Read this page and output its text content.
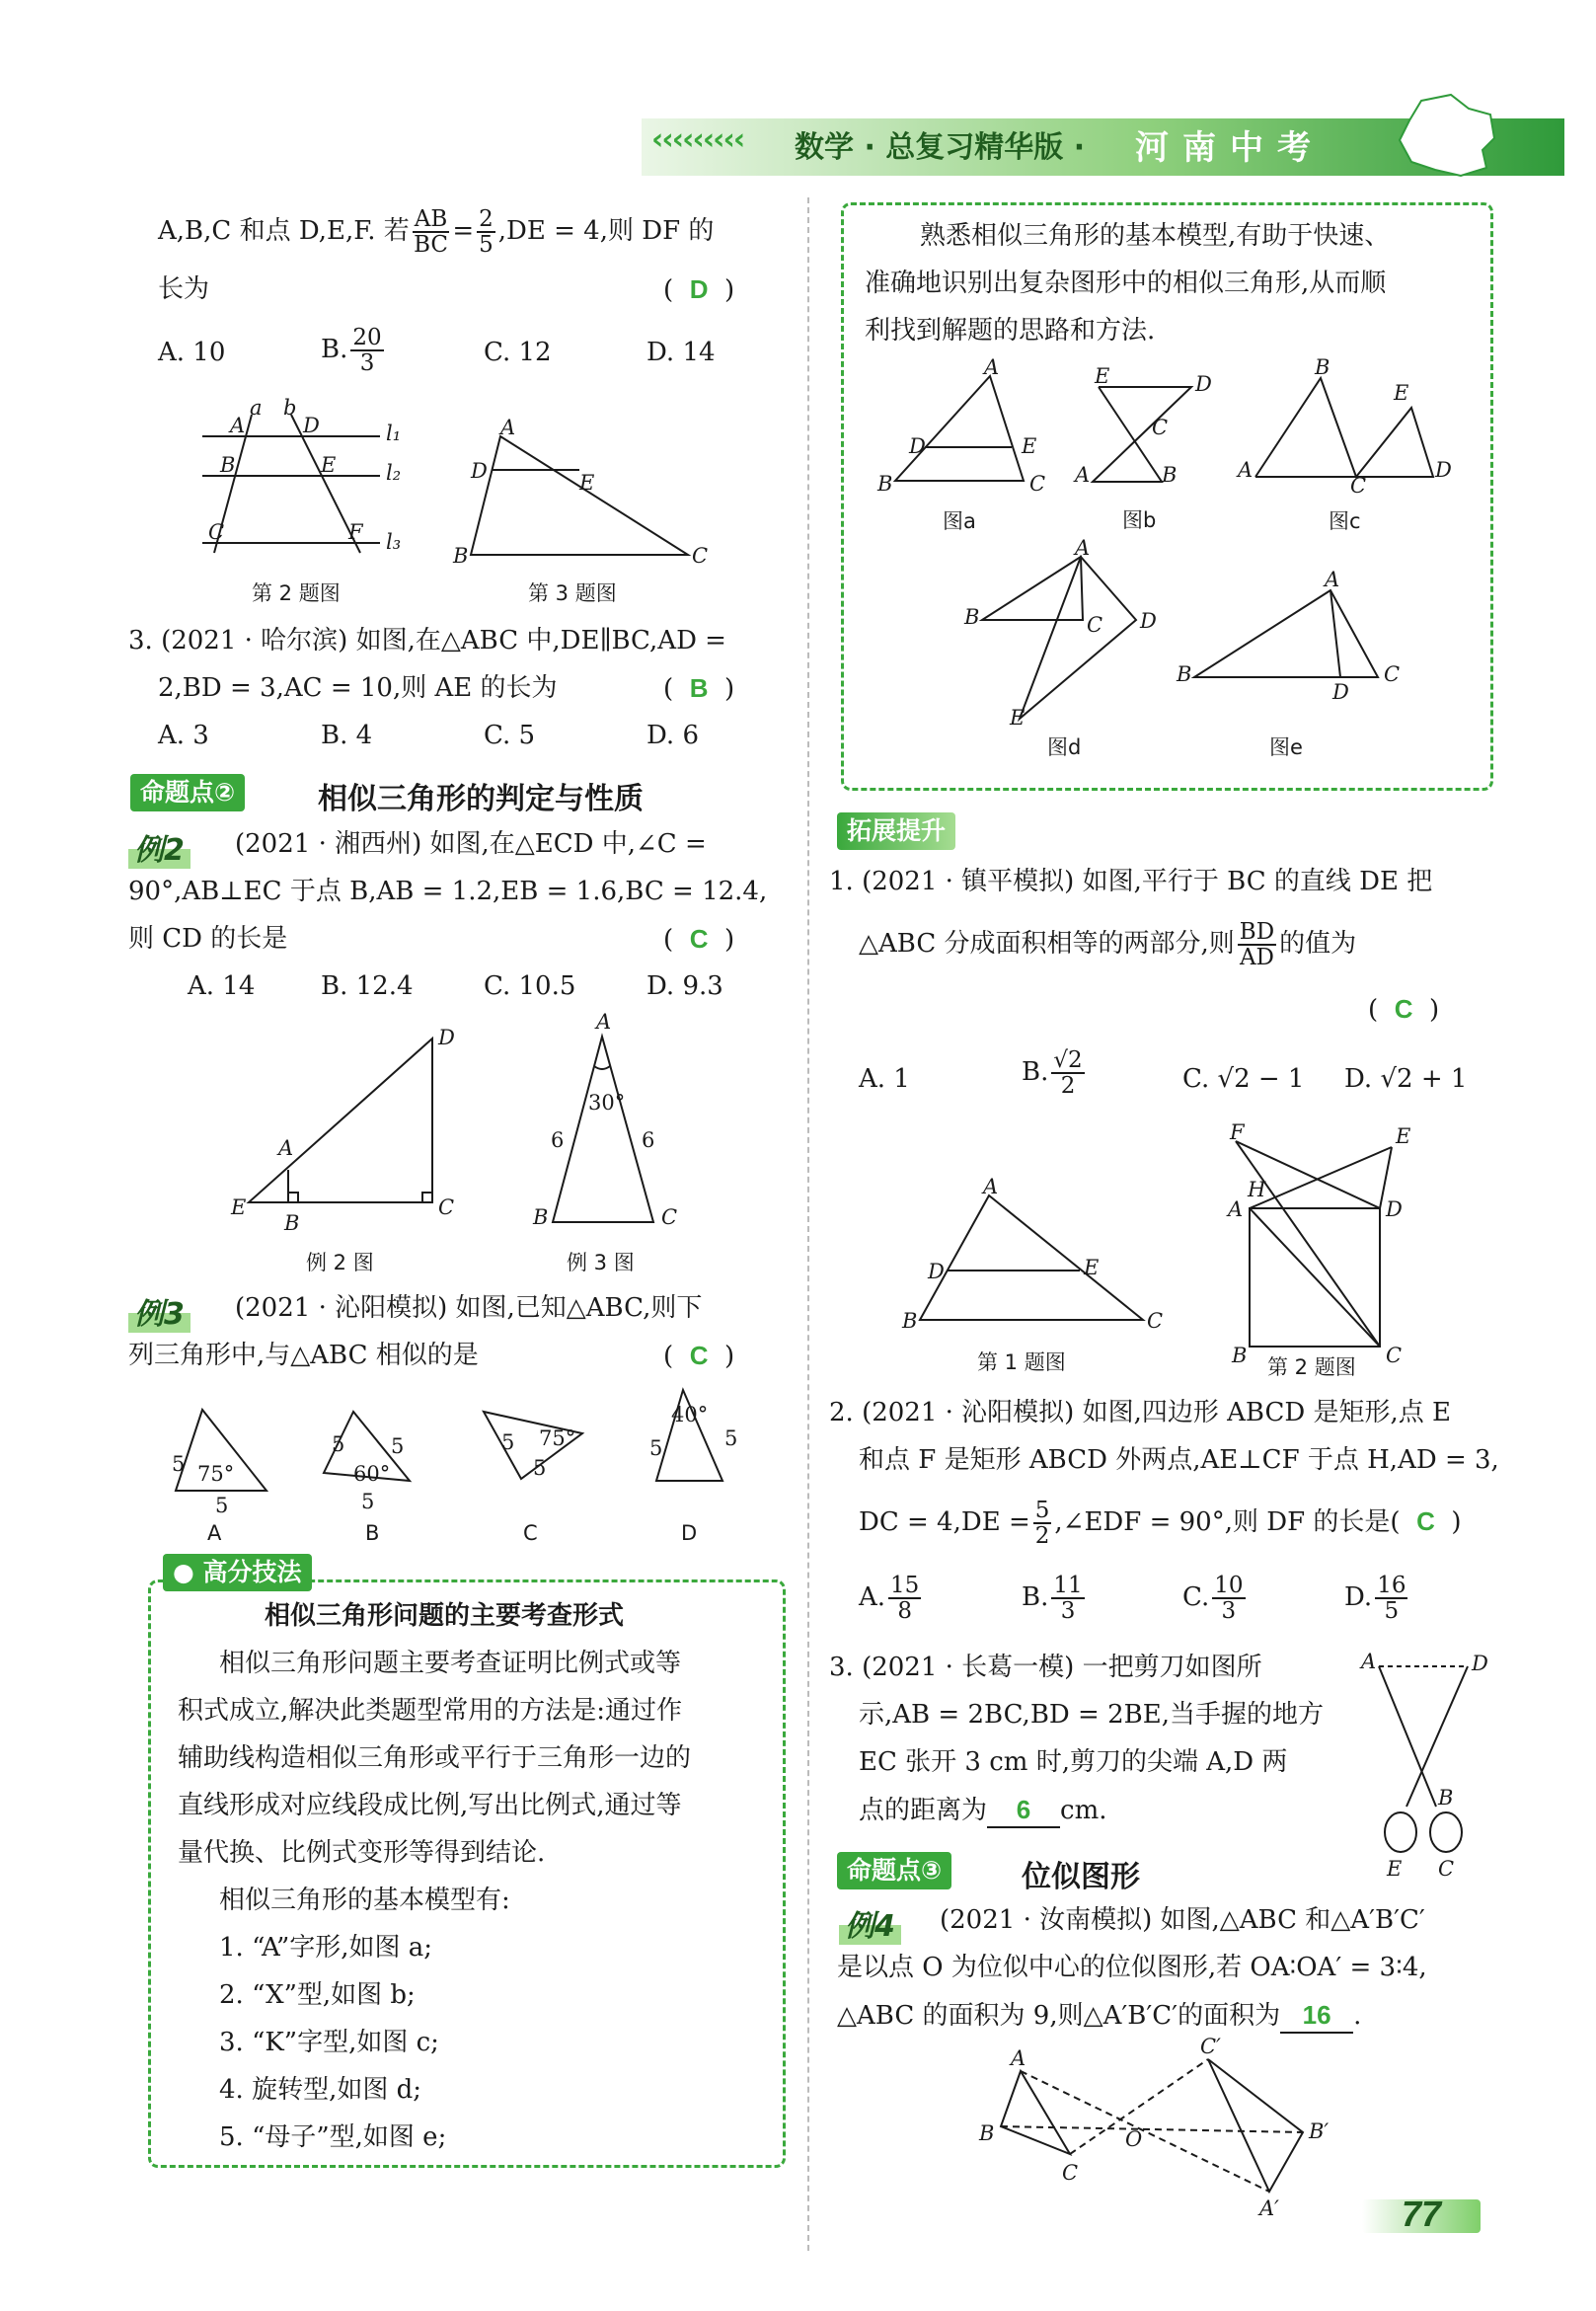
‹‹‹‹‹‹‹‹‹ 数学 · 总复习精华版 · 河南中考
A,B,C 和点 D,E,F. 若 $\frac{AB}{BC} = \frac{2}{5} ,DE = 4$,则 DF 的
长为	(  D  )
A. 10	B. $\frac{20}{3}$	C. 12	D. 14
a b
A	D
B	E
C	F
l₁
l₂
l₃
第 2 题图
A
D	E
B	C
第 3 题图
3. (2021 · 哈尔滨) 如图,在△ABC 中,DE∥BC,AD =
2,BD = 3,AC = 10,则 AE 的长为	(  B  )
A. 3	B. 4	C. 5	D. 6
命题点②	相似三角形的判定与性质
例2 (2021 · 湘西州) 如图,在△ECD 中,∠C =
90°,AB⊥EC 于点 B,AB = 1.2,EB = 1.6,BC = 12.4,
则 CD 的长是	(  C  )
A. 14	B. 12.4	C. 10.5	D. 9.3
D
A
E
B
C
例 2 图
A
30°
6	6
B	C
例 3 图
例3 (2021 · 沁阳模拟) 如图,已知△ABC,则下
列三角形中,与△ABC 相似的是	(  C  )
5 75°
5
5 5
60°
5
5 75°
5
5
40°
5
A	B	C	D
● 高分技法
相似三角形问题的主要考查形式
相似三角形问题主要考查证明比例式或等
积式成立,解决此类题型常用的方法是:通过作
辅助线构造相似三角形或平行于三角形一边的
直线形成对应线段成比例,写出比例式,通过等
量代换、比例式变形等得到结论.
相似三角形的基本模型有:
1. “A”字形,如图 a;
2. “X”型,如图 b;
3. “K”字型,如图 c;
4. 旋转型,如图 d;
5. “母子”型,如图 e;
熟悉相似三角形的基本模型,有助于快速、
准确地识别出复杂图形中的相似三角形,从而顺
利找到解题的思路和方法.
A
D	E
B	C
图a
E	D
C
A	B
图b
B
E
A
C
D
图c
A
B	C D
E
图d
A
B
D
C
图e
拓展提升
1. (2021 · 镇平模拟) 如图,平行于 BC 的直线 DE 把
△ABC 分成面积相等的两部分,则 $\frac{BD}{AD}$ 的值为
(  C  )
A. 1	B. $\frac{√2}{2}$	C. √2 − 1 D. √2 + 1
A
D	E
B	C
第 1 题图
F	E
H
A	D
B	C
第 2 题图
2. (2021 · 沁阳模拟) 如图,四边形 ABCD 是矩形,点 E
和点 F 是矩形 ABCD 外两点,AE⊥CF 于点 H,AD = 3,
DC = $4,DE = \frac{5}{2}$ ,∠EDF = 90°,则 DF 的长是( C  )
A. $\frac{15}{8}$	B. $\frac{11}{3}$	C. $\frac{10}{3}$	D. $\frac{16}{5}$
3. (2021 · 长葛一模) 一把剪刀如图所
示,AB = 2BC,BD = 2BE,当手握的地方
EC 张开 3 cm 时,剪刀的尖端 A,D 两
点的距离为 6 cm.
A	D
B
E C
命题点③	位似图形
例4 (2021 · 汝南模拟) 如图,△ABC 和△A′B′C′
是以点 O 为位似中心的位似图形,若 OA∶OA′ = 3∶4,
△ABC 的面积为 9,则△A′B′C′的面积为 16 .
A
B
C
O
C′
B′
A′	77
